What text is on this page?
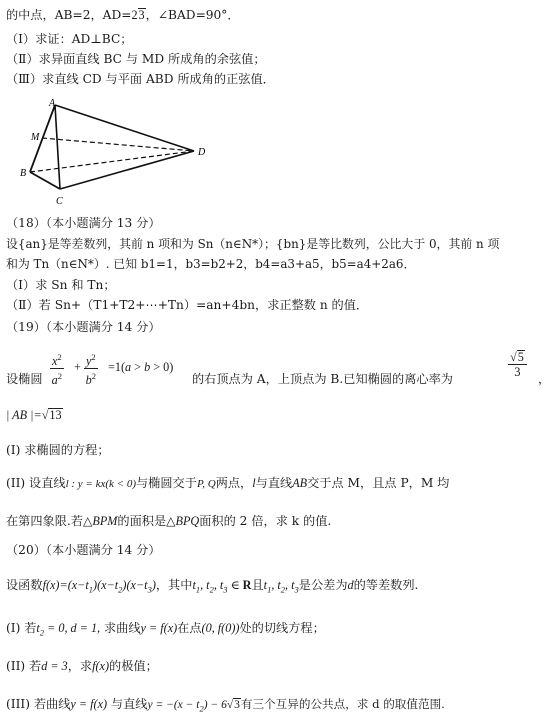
的中点，AB=2，AD=23，∠BAD=90°．
（Ⅰ）求证：AD⊥BC；
（Ⅱ）求异面直线 BC 与 MD 所成角的余弦值；
（Ⅲ）求直线 CD 与平面 ABD 所成角的正弦值．
A
M
B
C
D
（18）（本小题满分 13 分）
设{an}是等差数列，其前 n 项和为 Sn（n∈N*）；{bn}是等比数列，公比大于 0，其前 n 项
和为 Tn（n∈N*）. 已知 b1=1，b3=b2+2，b4=a3+a5，b5=a4+2a6．
（Ⅰ）求 Sn 和 Tn；
（Ⅱ）若 Sn+（T1+T2+⋯+Tn）=an+4bn，求正整数 n 的值．
（19）（本小题满分 14 分）
设椭圆 $\frac{x^2}{a^2} + \frac{y^2}{b^2} =1(a > b > 0)$
的右顶点为 A，上顶点为 B.已知椭圆的离心率为	$\frac{√5}{3}$ ，
| AB |=√13
(I) 求椭圆的方程；
(II) 设直线l : y = kx(k < 0)与椭圆交于P, Q两点，l与直线AB交于点 M，且点 P，M 均
在第四象限.若△BPM的面积是△BPQ面积的 2 倍，求 k 的值.
（20）（本小题满分 14 分）
设函数$f(x)=(x-t_1)(x-t_2)(x-t_3)$，其中$t_1$, $t_2$, $t_3$ ∈ R且$t_1$, $t_2$, $t_3$是公差为d的等差数列.
(I) 若$t_2 = 0$, d = 1, 求曲线y = f(x)在点(0, f(0))处的切线方程；
(II) 若d = 3，求f(x)的极值；
(III) 若曲线y = f(x) 与直线$y = -(x - t_2) - 6√3$有三个互异的公共点，求 d 的取值范围.
